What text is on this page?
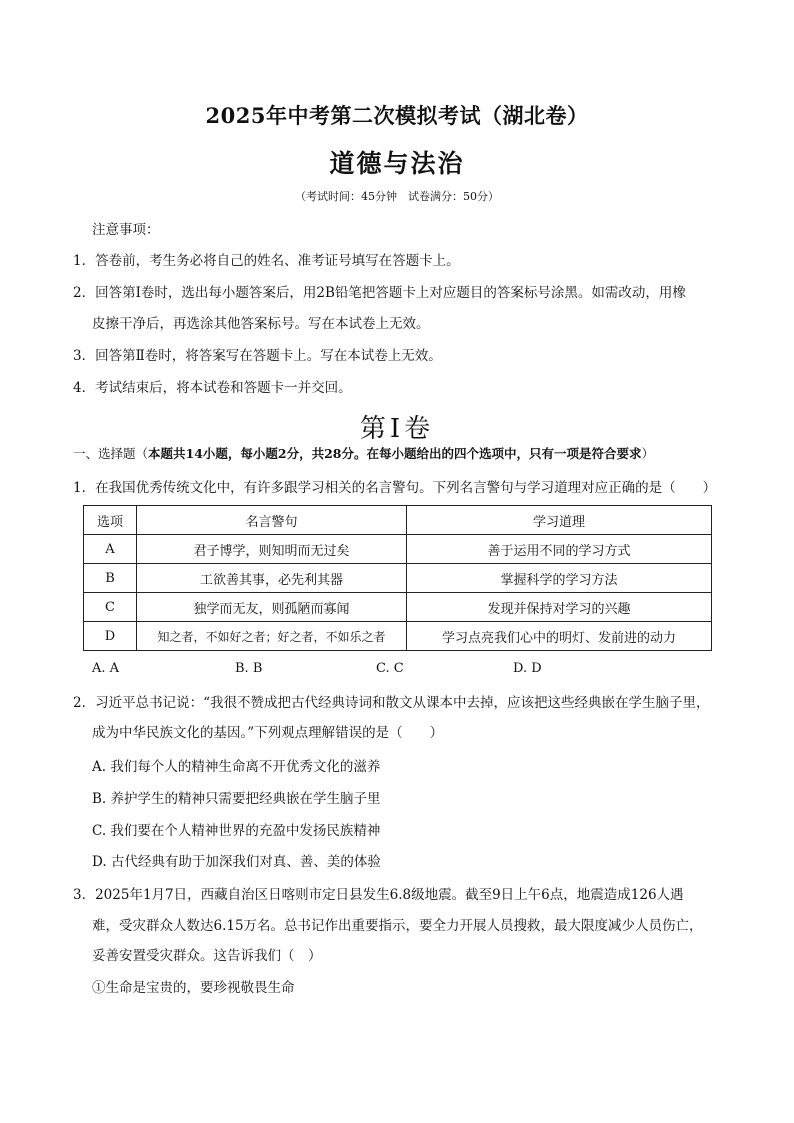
2025年中考第二次模拟考试（湖北卷）
道德与法治
（考试时间：45分钟　试卷满分：50分）
注意事项：
1．答卷前，考生务必将自己的姓名、准考证号填写在答题卡上。
2．回答第Ⅰ卷时，选出每小题答案后，用2B铅笔把答题卡上对应题目的答案标号涂黑。如需改动，用橡
皮擦干净后，再选涂其他答案标号。写在本试卷上无效。
3．回答第Ⅱ卷时，将答案写在答题卡上。写在本试卷上无效。
4．考试结束后，将本试卷和答题卡一并交回。
第Ⅰ卷
一、选择题（本题共14小题，每小题2分，共28分。在每小题给出的四个选项中，只有一项是符合要求）
1．在我国优秀传统文化中，有许多跟学习相关的名言警句。下列名言警句与学习道理对应正确的是（　　）
选项	名言警句	学习道理
A	君子博学，则知明而无过矣	善于运用不同的学习方式
B	工欲善其事，必先利其器	掌握科学的学习方法
C	独学而无友，则孤陋而寡闻	发现并保持对学习的兴趣
D	知之者，不如好之者；好之者，不如乐之者	学习点亮我们心中的明灯、发前进的动力
A. A	B. B	C. C	D. D
2．习近平总书记说：“我很不赞成把古代经典诗词和散文从课本中去掉，应该把这些经典嵌在学生脑子里，
成为中华民族文化的基因。”下列观点理解错误的是（　　）
A. 我们每个人的精神生命离不开优秀文化的滋养
B. 养护学生的精神只需要把经典嵌在学生脑子里
C. 我们要在个人精神世界的充盈中发扬民族精神
D. 古代经典有助于加深我们对真、善、美的体验
3．2025年1月7日，西藏自治区日喀则市定日县发生6.8级地震。截至9日上午6点，地震造成126人遇
难，受灾群众人数达6.15万名。总书记作出重要指示，要全力开展人员搜救，最大限度减少人员伤亡，
妥善安置受灾群众。这告诉我们（　）
①生命是宝贵的，要珍视敬畏生命
